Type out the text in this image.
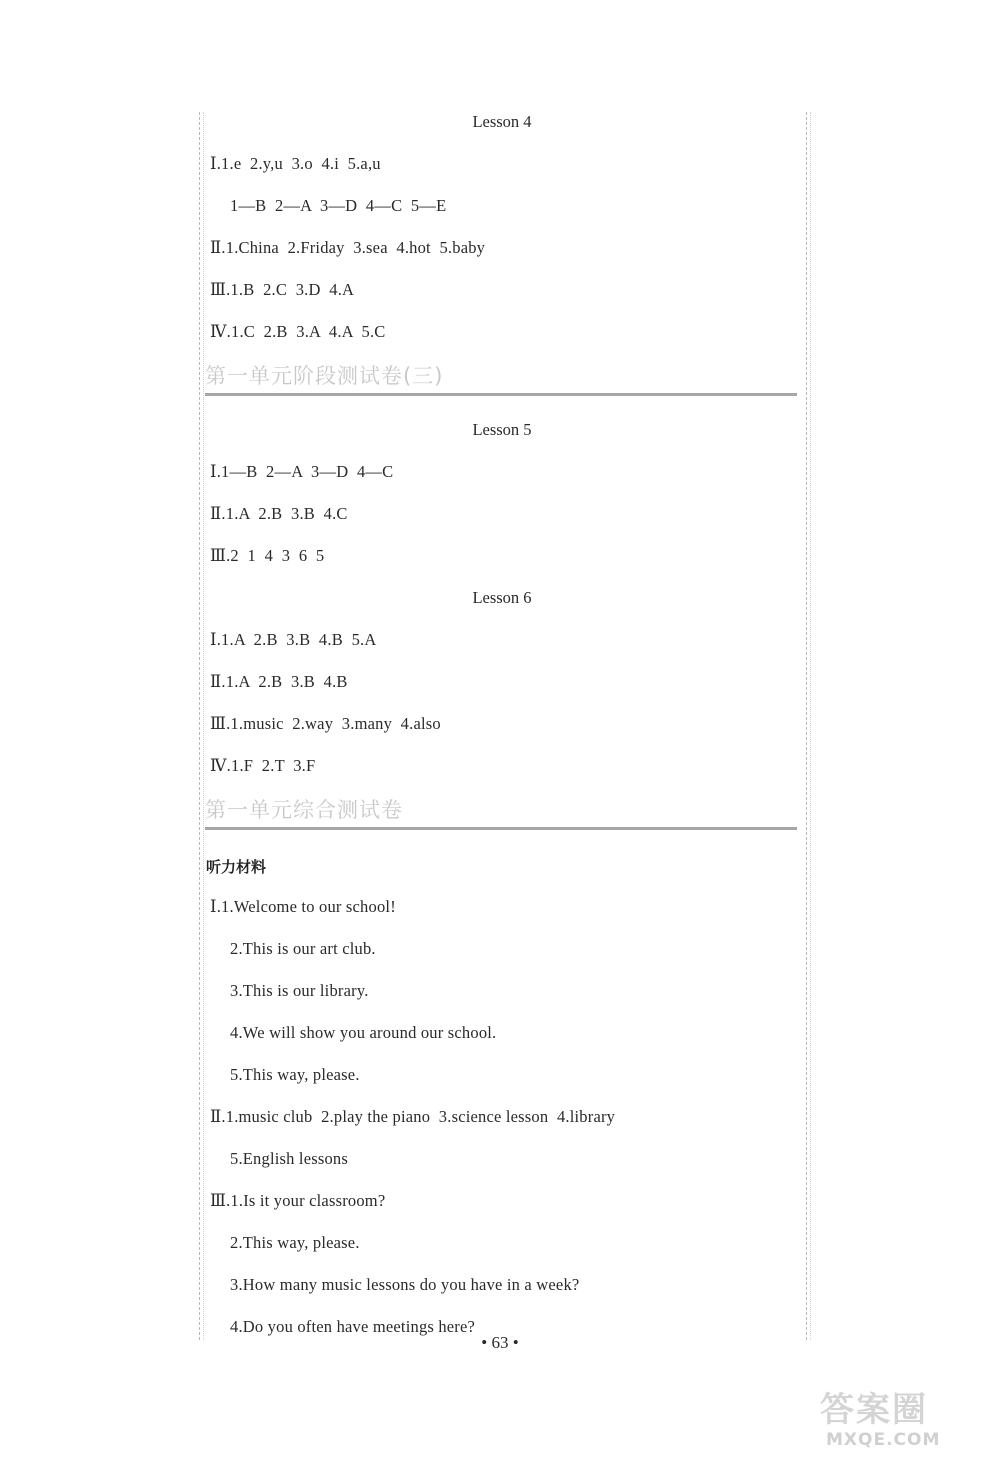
Lesson 4
Ⅰ.1.e  2.y,u  3.o  4.i  5.a,u
1—B  2—A  3—D  4—C  5—E
Ⅱ.1.China  2.Friday  3.sea  4.hot  5.baby
Ⅲ.1.B  2.C  3.D  4.A
Ⅳ.1.C  2.B  3.A  4.A  5.C
第一单元阶段测试卷(三)
Lesson 5
Ⅰ.1—B  2—A  3—D  4—C
Ⅱ.1.A  2.B  3.B  4.C
Ⅲ.2  1  4  3  6  5
Lesson 6
Ⅰ.1.A  2.B  3.B  4.B  5.A
Ⅱ.1.A  2.B  3.B  4.B
Ⅲ.1.music  2.way  3.many  4.also
Ⅳ.1.F  2.T  3.F
第一单元综合测试卷
听力材料
Ⅰ.1.Welcome to our school!
2.This is our art club.
3.This is our library.
4.We will show you around our school.
5.This way, please.
Ⅱ.1.music club  2.play the piano  3.science lesson  4.library
5.English lessons
Ⅲ.1.Is it your classroom?
2.This way, please.
3.How many music lessons do you have in a week?
4.Do you often have meetings here?
• 63 •
答案圈
MXQE.COM
